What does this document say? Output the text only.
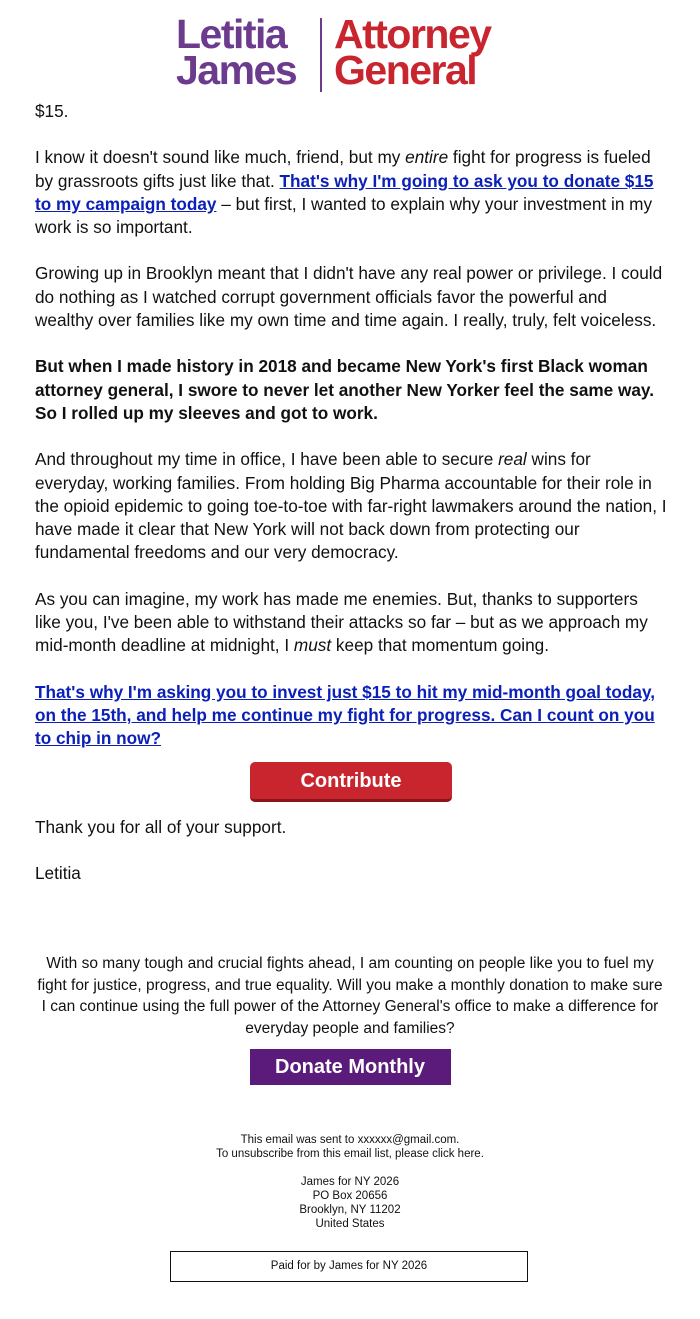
Letitia
James
Attorney
General

$15.

I know it doesn't sound like much, friend, but my entire fight for progress is fueled by grassroots gifts just like that. That's why I'm going to ask you to donate $15 to my campaign today – but first, I wanted to explain why your investment in my work is so important.

Growing up in Brooklyn meant that I didn't have any real power or privilege. I could do nothing as I watched corrupt government officials favor the powerful and wealthy over families like my own time and time again. I really, truly, felt voiceless.

But when I made history in 2018 and became New York's first Black woman attorney general, I swore to never let another New Yorker feel the same way. So I rolled up my sleeves and got to work.

And throughout my time in office, I have been able to secure real wins for everyday, working families. From holding Big Pharma accountable for their role in the opioid epidemic to going toe-to-toe with far-right lawmakers around the nation, I have made it clear that New York will not back down from protecting our fundamental freedoms and our very democracy.

As you can imagine, my work has made me enemies. But, thanks to supporters like you, I've been able to withstand their attacks so far – but as we approach my mid-month deadline at midnight, I must keep that momentum going.

That's why I'm asking you to invest just $15 to hit my mid-month goal today, on the 15th, and help me continue my fight for progress. Can I count on you to chip in now?

Contribute

Thank you for all of your support.

Letitia

With so many tough and crucial fights ahead, I am counting on people like you to fuel my fight for justice, progress, and true equality. Will you make a monthly donation to make sure I can continue using the full power of the Attorney General's office to make a difference for everyday people and families?
Donate Monthly

This email was sent to xxxxxx@gmail.com.

To unsubscribe from this email list, please click here.

James for NY 2026

PO Box 20656

Brooklyn, NY 11202

United States

Paid for by James for NY 2026
